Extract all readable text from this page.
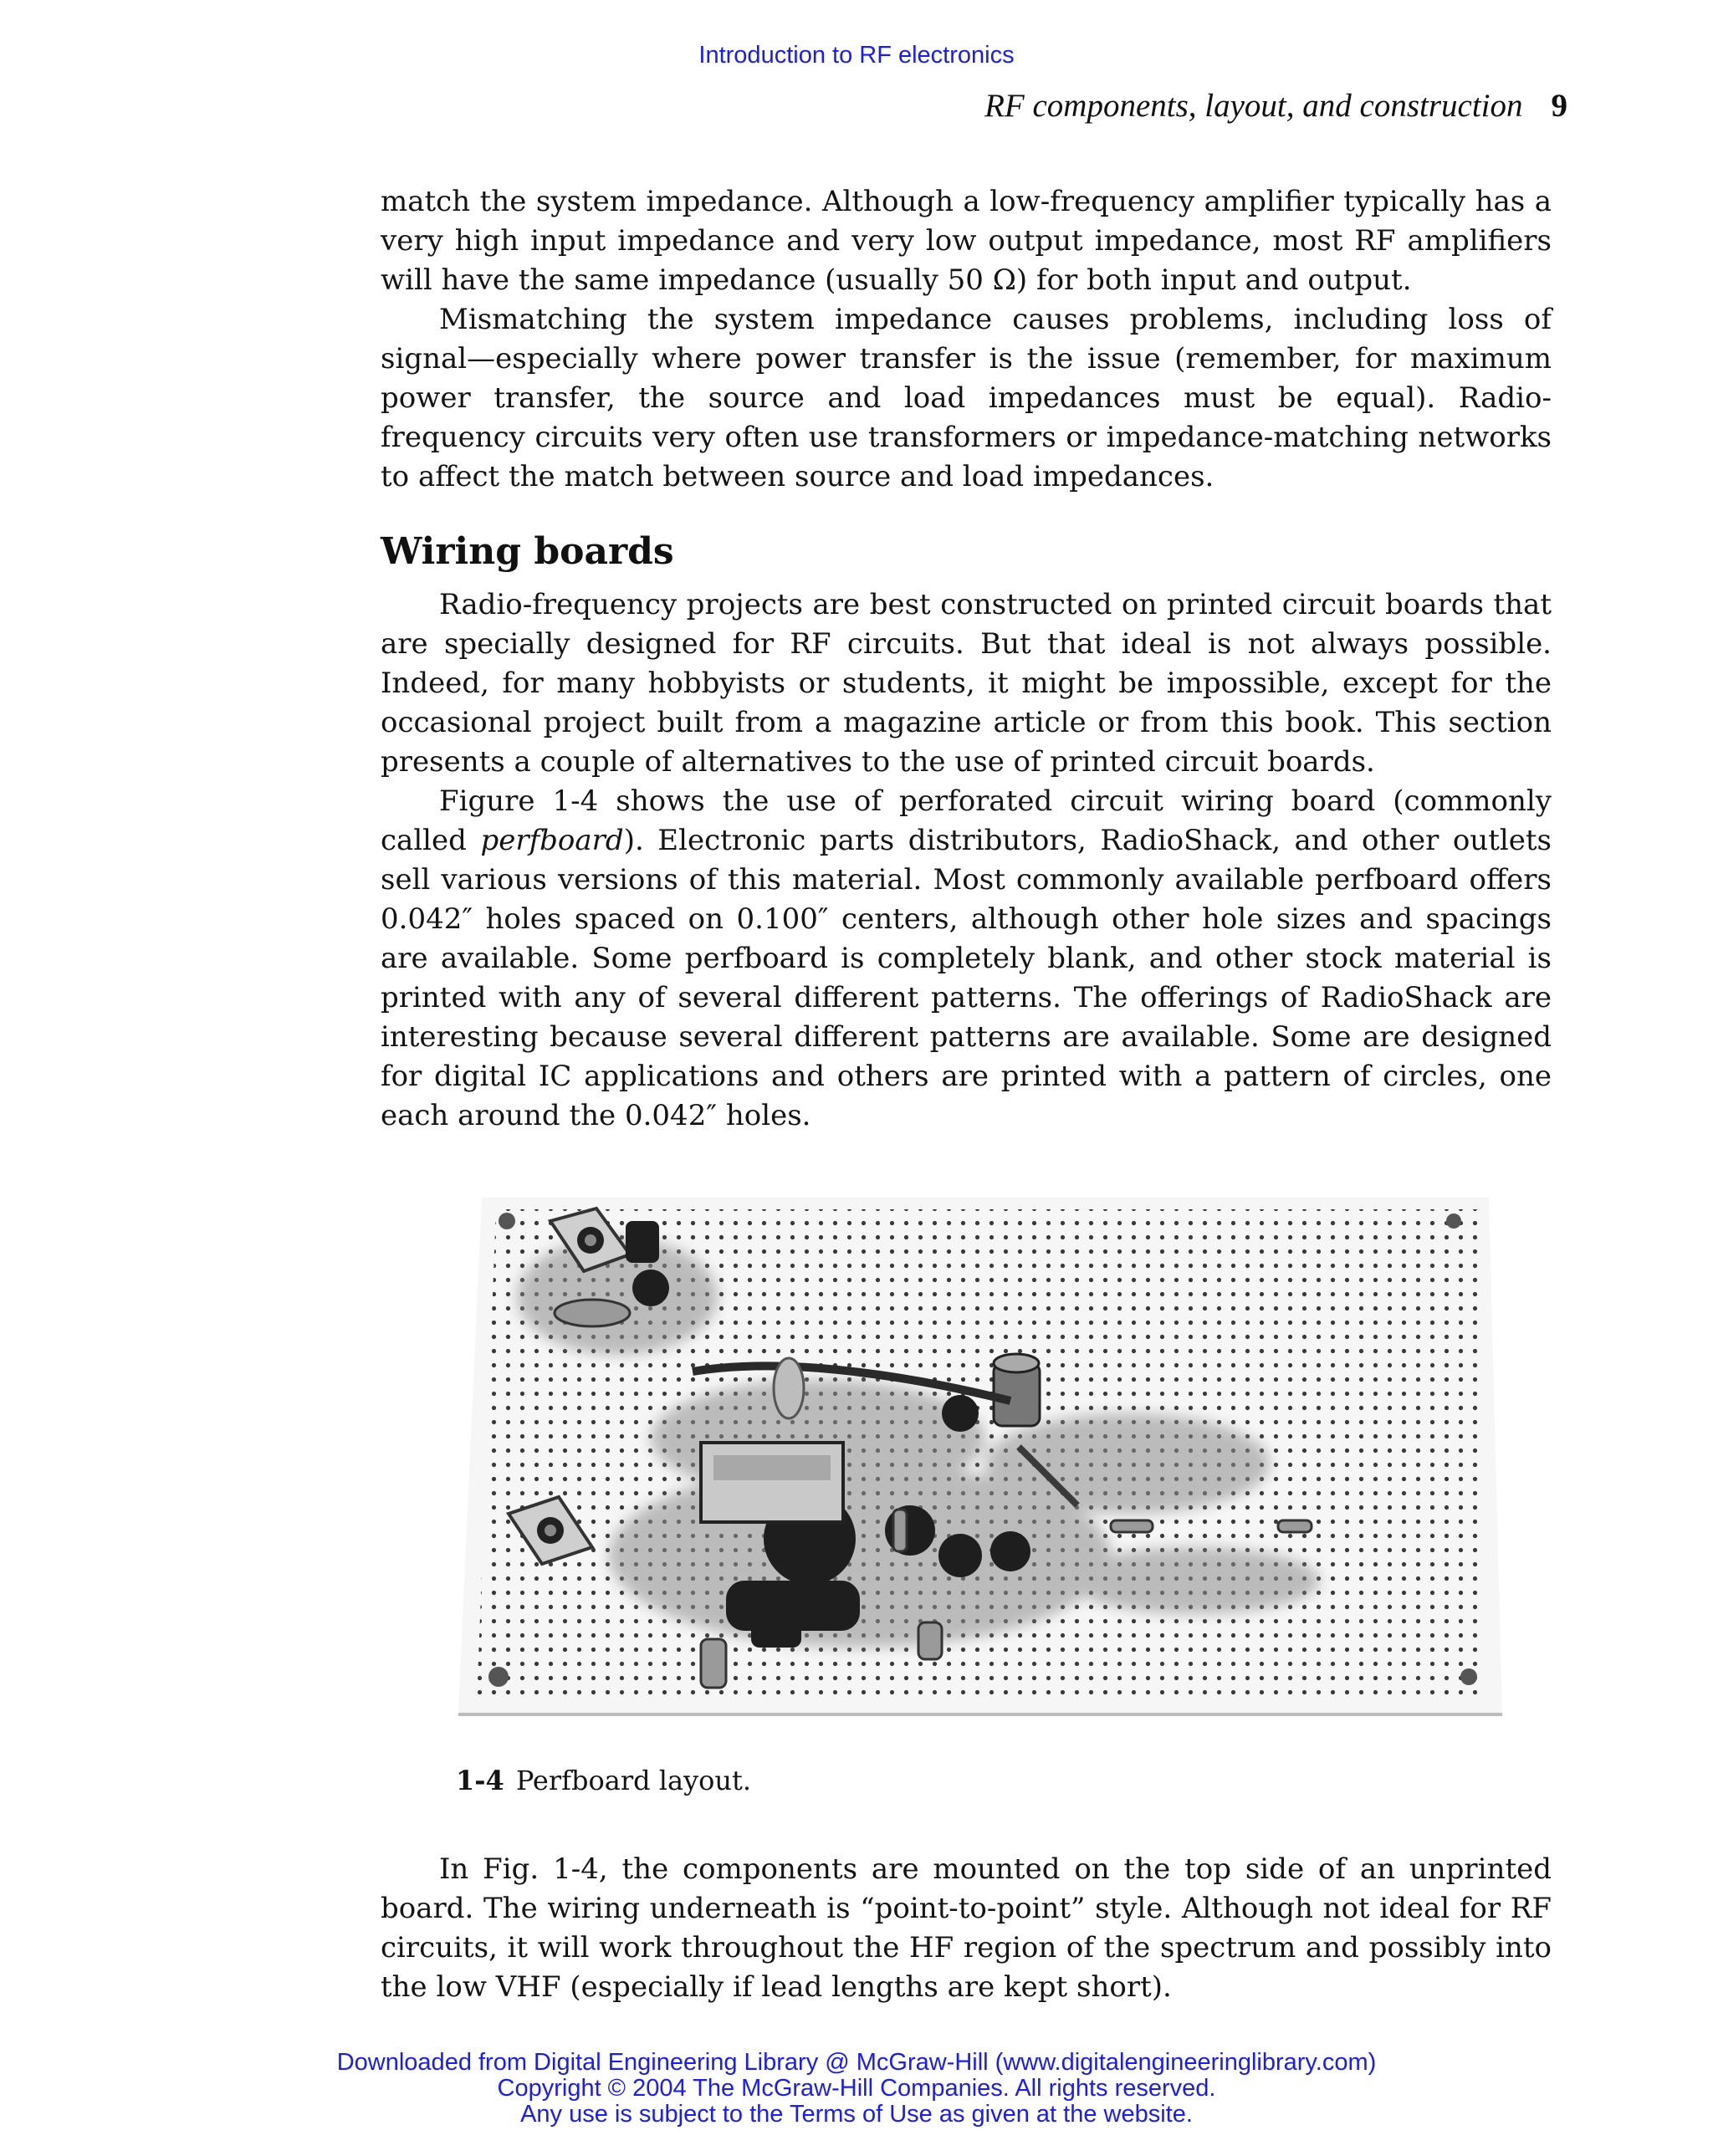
Introduction to RF electronics
RF components, layout, and construction 9

match the system impedance. Although a low-frequency amplifier typically has a very high input impedance and very low output impedance, most RF amplifiers will have the same impedance (usually 50 Ω) for both input and output.

Mismatching the system impedance causes problems, including loss of signal—especially where power transfer is the issue (remember, for maximum power transfer, the source and load impedances must be equal). Radio-frequency circuits very often use transformers or impedance-matching networks to affect the match between source and load impedances.

Wiring boards

Radio-frequency projects are best constructed on printed circuit boards that are specially designed for RF circuits. But that ideal is not always possible. Indeed, for many hobbyists or students, it might be impossible, except for the occasional project built from a magazine article or from this book. This section presents a couple of alternatives to the use of printed circuit boards.

Figure 1-4 shows the use of perforated circuit wiring board (commonly called perfboard). Electronic parts distributors, RadioShack, and other outlets sell various versions of this material. Most commonly available perfboard offers 0.042″ holes spaced on 0.100″ centers, although other hole sizes and spacings are available. Some perfboard is completely blank, and other stock material is printed with any of several different patterns. The offerings of RadioShack are interesting because several different patterns are available. Some are designed for digital IC applications and others are printed with a pattern of circles, one each around the 0.042″ holes.

1-4 Perfboard layout.

In Fig. 1-4, the components are mounted on the top side of an unprinted board. The wiring underneath is “point-to-point” style. Although not ideal for RF circuits, it will work throughout the HF region of the spectrum and possibly into the low VHF (especially if lead lengths are kept short).

Downloaded from Digital Engineering Library @ McGraw-Hill (www.digitalengineeringlibrary.com)
Copyright © 2004 The McGraw-Hill Companies. All rights reserved.
Any use is subject to the Terms of Use as given at the website.
